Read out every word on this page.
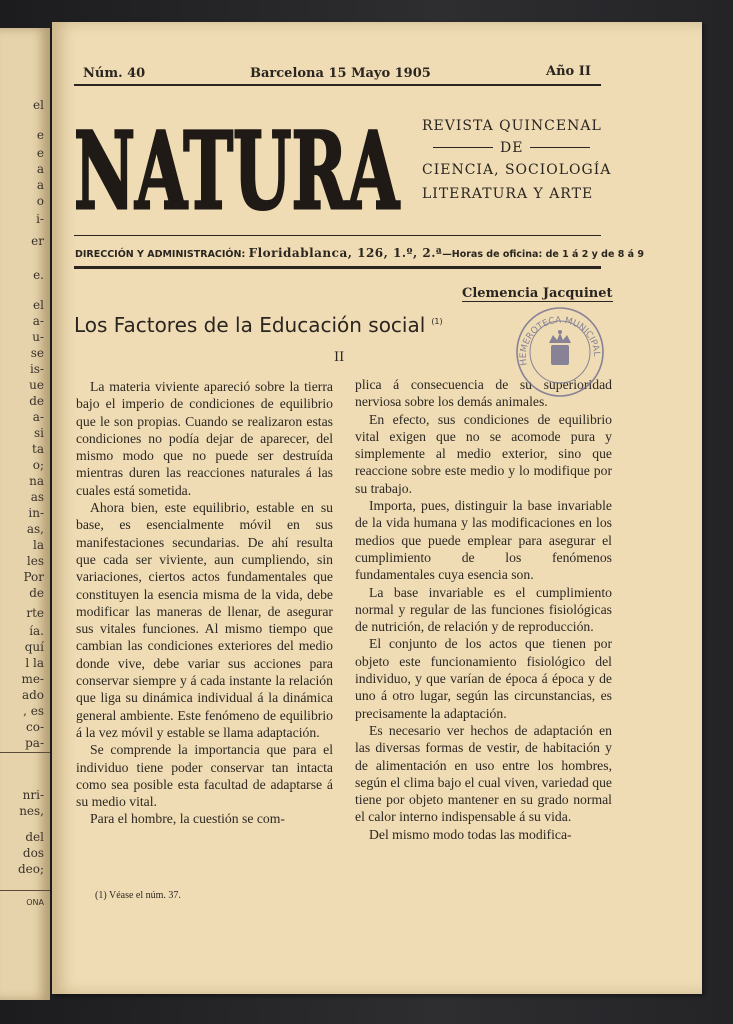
el
e
e
a
a
o
i-
er
e.
el
a-
u-
se
is-
ue
de
a-
si
ta
o;
na
as
in-
as,
la
les
Por
de
rte
ía.
quí
l la
me-
ado
, es
co-
pa-
nri-
nes,
del
dos
deo;
ONA
Núm. 40	Barcelona 15 Mayo 1905	Año II
NATURA REVISTA QUINCENAL
DE
CIENCIA, SOCIOLOGÍA
LITERATURA Y ARTE
DIRECCIÓN Y ADMINISTRACIÓN: Floridablanca, 126, 1.º, 2.ª—Horas de oficina: de 1 á 2 y de 8 á 9
Clemencia Jacquinet
Los Factores de la Educación social $^{(1)}$
II

La materia viviente apareció sobre la tierra bajo el imperio de condiciones de equilibrio que le son propias. Cuando se realizaron estas condiciones no podía dejar de aparecer, del mismo modo que no puede ser destruída mientras duren las reacciones naturales á las cuales está sometida.

Ahora bien, este equilibrio, estable en su base, es esencialmente móvil en sus manifestaciones secundarias. De ahí resulta que cada ser viviente, aun cumpliendo, sin variaciones, ciertos actos fundamentales que constituyen la esencia misma de la vida, debe modificar las maneras de llenar, de asegurar sus vitales funciones. Al mismo tiempo que cambian las condiciones exteriores del medio donde vive, debe variar sus acciones para conservar siempre y á cada instante la relación que liga su dinámica individual á la dinámica general ambiente. Este fenómeno de equilibrio á la vez móvil y estable se llama adaptación.

Se comprende la importancia que para el individuo tiene poder conservar tan intacta como sea posible esta facultad de adaptarse á su medio vital.

Para el hombre, la cuestión se com-

plica á consecuencia de su superioridad nerviosa sobre los demás animales.

En efecto, sus condiciones de equilibrio vital exigen que no se acomode pura y simplemente al medio exterior, sino que reaccione sobre este medio y lo modifique por su trabajo.

Importa, pues, distinguir la base invariable de la vida humana y las modificaciones en los medios que puede emplear para asegurar el cumplimiento de los fenómenos fundamentales cuya esencia son.

La base invariable es el cumplimiento normal y regular de las funciones fisiológicas de nutrición, de relación y de reproducción.

El conjunto de los actos que tienen por objeto este funcionamiento fisiológico del individuo, y que varían de época á época y de uno á otro lugar, según las circunstancias, es precisamente la adaptación.

Es necesario ver hechos de adaptación en las diversas formas de vestir, de habitación y de alimentación en uso entre los hombres, según el clima bajo el cual viven, variedad que tiene por objeto mantener en su grado normal el calor interno indispensable á su vida.

Del mismo modo todas las modifica-

(1) Véase el núm. 37.
HEMEROTECA MUNICIPAL
